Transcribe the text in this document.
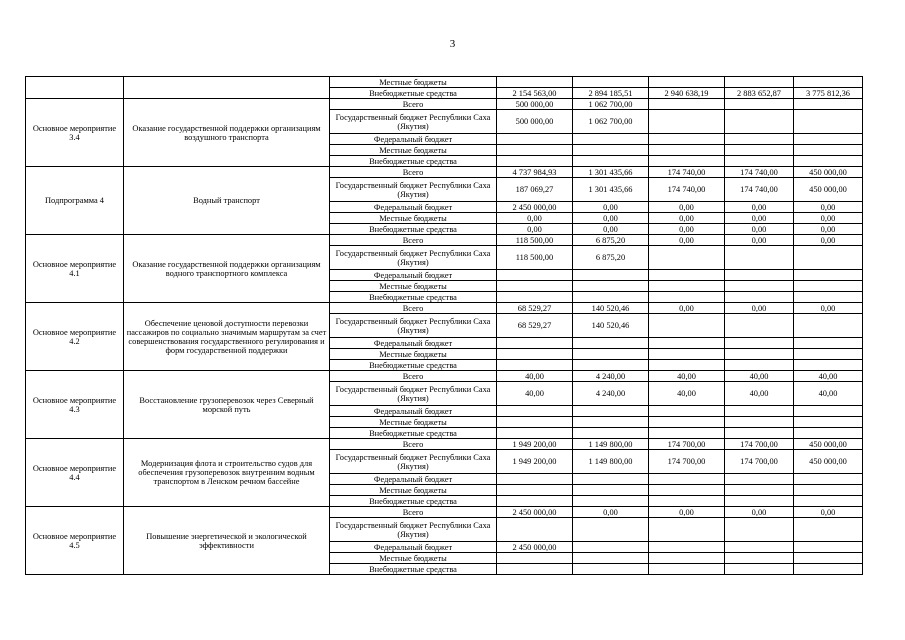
3
		Местные бюджеты					
		Внебюджетные средства	2 154 563,00	2 894 185,51	2 940 638,19	2 883 652,87	3 775 812,36
Основное мероприятие 3.4	Оказание государственной поддержки организациям воздушного транспорта	Всего	500 000,00	1 062 700,00			
		Государственный бюджет Республики Саха (Якутия)	500 000,00	1 062 700,00			
		Федеральный бюджет					
		Местные бюджеты					
		Внебюджетные средства					
Подпрограмма 4	Водный транспорт	Всего	4 737 984,93	1 301 435,66	174 740,00	174 740,00	450 000,00
		Государственный бюджет Республики Саха (Якутия)	187 069,27	1 301 435,66	174 740,00	174 740,00	450 000,00
		Федеральный бюджет	2 450 000,00	0,00	0,00	0,00	0,00
		Местные бюджеты	0,00	0,00	0,00	0,00	0,00
		Внебюджетные средства	0,00	0,00	0,00	0,00	0,00
Основное мероприятие 4.1	Оказание государственной поддержки организациям водного транспортного комплекса	Всего	118 500,00	6 875,20	0,00	0,00	0,00
		Государственный бюджет Республики Саха (Якутия)	118 500,00	6 875,20			
		Федеральный бюджет					
		Местные бюджеты					
		Внебюджетные средства					
Основное мероприятие 4.2	Обеспечение ценовой доступности перевозки пассажиров по социально значимым маршрутам за счет совершенствования государственного регулирования и форм государственной поддержки	Всего	68 529,27	140 520,46	0,00	0,00	0,00
		Государственный бюджет Республики Саха (Якутия)	68 529,27	140 520,46			
		Федеральный бюджет					
		Местные бюджеты					
		Внебюджетные средства					
Основное мероприятие 4.3	Восстановление грузоперевозок через Северный морской путь	Всего	40,00	4 240,00	40,00	40,00	40,00
		Государственный бюджет Республики Саха (Якутия)	40,00	4 240,00	40,00	40,00	40,00
		Федеральный бюджет					
		Местные бюджеты					
		Внебюджетные средства					
Основное мероприятие 4.4	Модернизация флота и строительство судов для обеспечения грузоперевозок внутренним водным транспортом в Ленском речном бассейне	Всего	1 949 200,00	1 149 800,00	174 700,00	174 700,00	450 000,00
		Государственный бюджет Республики Саха (Якутия)	1 949 200,00	1 149 800,00	174 700,00	174 700,00	450 000,00
		Федеральный бюджет					
		Местные бюджеты					
		Внебюджетные средства					
Основное мероприятие 4.5	Повышение энергетической и экологической эффективности	Всего	2 450 000,00	0,00	0,00	0,00	0,00
		Государственный бюджет Республики Саха (Якутия)					
		Федеральный бюджет	2 450 000,00				
		Местные бюджеты					
		Внебюджетные средства					
